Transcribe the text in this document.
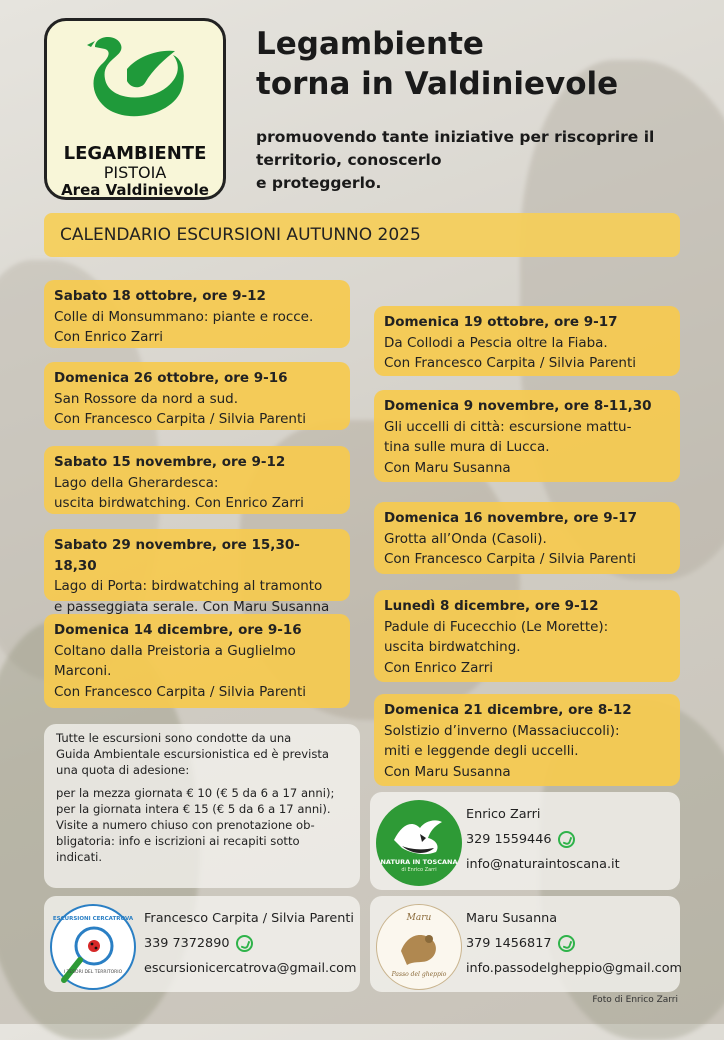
LEGAMBIENTE
PISTOIA
Area Valdinievole
Legambiente
torna in Valdinievole
promuovendo tante iniziative per riscoprire il
territorio, conoscerlo
e proteggerlo.
CALENDARIO ESCURSIONI AUTUNNO 2025
Sabato 18 ottobre, ore 9-12
Colle di Monsummano: piante e rocce.
Con Enrico Zarri
Domenica 26 ottobre, ore 9-16
San Rossore da nord a sud.
Con Francesco Carpita / Silvia Parenti
Sabato 15 novembre, ore 9-12
Lago della Gherardesca:
uscita birdwatching. Con Enrico Zarri
Sabato 29 novembre, ore 15,30-18,30
Lago di Porta: birdwatching al tramonto
e passeggiata serale. Con Maru Susanna
Domenica 14 dicembre, ore 9-16
Coltano dalla Preistoria a Guglielmo
Marconi.
Con Francesco Carpita / Silvia Parenti
Domenica 19 ottobre, ore 9-17
Da Collodi a Pescia oltre la Fiaba.
Con Francesco Carpita / Silvia Parenti
Domenica 9 novembre, ore 8-11,30
Gli uccelli di città: escursione mattu-
tina sulle mura di Lucca.
Con Maru Susanna
Domenica 16 novembre, ore 9-17
Grotta all’Onda (Casoli).
Con Francesco Carpita / Silvia Parenti
Lunedì 8 dicembre, ore 9-12
Padule di Fucecchio (Le Morette):
uscita birdwatching.
Con Enrico Zarri
Domenica 21 dicembre, ore 8-12
Solstizio d’inverno (Massaciuccoli):
miti e leggende degli uccelli.
Con Maru Susanna

Tutte le escursioni sono condotte da una
Guida Ambientale escursionistica ed è prevista
una quota di adesione:

per la mezza giornata € 10 (€ 5 da 6 a 17 anni);
per la giornata intera € 15 (€ 5 da 6 a 17 anni).
Visite a numero chiuso con prenotazione ob-
bligatoria: info e iscrizioni ai recapiti sotto
indicati.	NATURA IN TOSCANA
di Enrico Zarri
Enrico Zarri
329 1559446
info@naturaintoscana.it
ESCURSIONI CERCATROVA
I TESORI DEL TERRITORIO
Francesco Carpita / Silvia Parenti
339 7372890
escursionicercatrova@gmail.com
Maru
Passo del gheppio
Maru Susanna
379 1456817
info.passodelgheppio@gmail.com
Foto di Enrico Zarri
